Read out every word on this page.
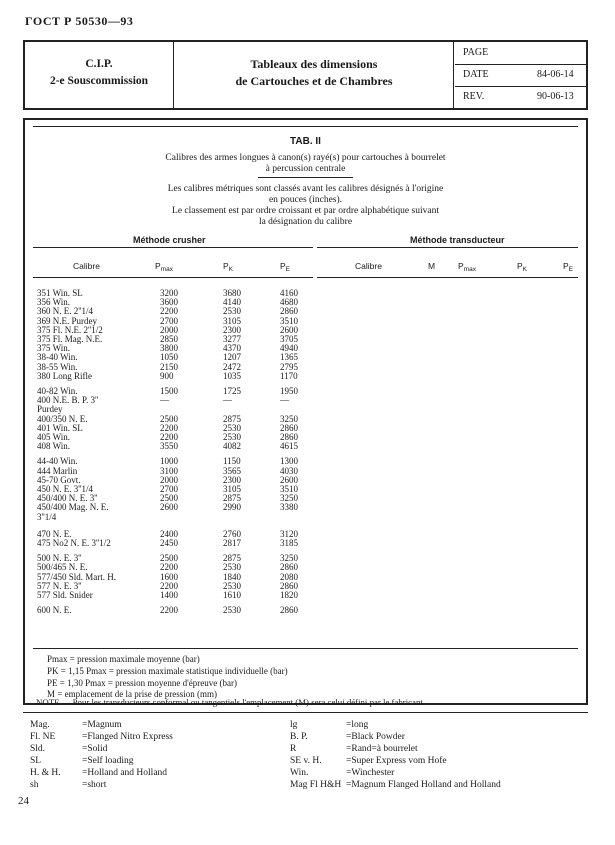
ГОСТ Р 50530—93
C.I.P.
2-e Souscommission
Tableaux des dimensions
de Cartouches et de Chambres
PAGE
DATE	84-06-14
REV.	90-06-13
TAB. II
Calibres des armes longues à canon(s) rayé(s) pour cartouches à bourrelet
à percussion centrale
Les calibres métriques sont classés avant les calibres désignés à l'origine
en pouces (inches).
Le classement est par ordre croissant et par ordre alphabétique suivant
la désignation du calibre
Méthode crusher	Méthode transducteur
Calibre	$P_{max}$	$P_K$	$P_E$	Calibre	M	$P_{max}$	$P_K$	$P_E$
351 Win. SL	3200	3680	4160
356 Win.	3600	4140	4680
360 N. E. 2''1/4	2200	2530	2860
369 N.E. Purdey	2700	3105	3510
375 Fl. N.E. 2''1/2	2000	2300	2600
375 Fl. Mag. N.E.	2850	3277	3705
375 Win.	3800	4370	4940
38-40 Win.	1050	1207	1365
38-55 Win.	2150	2472	2795
380 Long Rifle	900	1035	1170
40-82 Win.	1500	1725	1950
400 N.E. B. P. 3''	—	—	—
Purdey
400/350 N. E.	2500	2875	3250
401 Win. SL	2200	2530	2860
405 Win.	2200	2530	2860
408 Win.	3550	4082	4615
44-40 Win.	1000	1150	1300
444 Marlin	3100	3565	4030
45-70 Govt.	2000	2300	2600
450 N. E. 3''1/4	2700	3105	3510
450/400 N. E. 3''	2500	2875	3250
450/400 Mag. N. E.	2600	2990	3380
3''1/4
470 N. E.	2400	2760	3120
475 No2 N. E. 3''1/2	2450	2817	3185
500 N. E. 3''	2500	2875	3250
500/465 N. E.	2200	2530	2860
577/450 Sld. Mart. H.	1600	1840	2080
577 N. E. 3''	2200	2530	2860
577 Sld. Snider	1400	1610	1820
600 N. E.	2200	2530	2860
Pmax = pression maximale moyenne (bar)
PK = 1,15 Pmax = pression maximale statistique individuelle (bar)
PE = 1,30 Pmax = pression moyenne d'épreuve (bar)
M = emplacement de la prise de pression (mm)
NOTE — Pour les transducteurs conformal ou tangentiels l'emplacement (M) sera celui défini par le fabricant.
Mag.	=Magnum
Fl. NE	=Flanged Nitro Express
Sld.	=Solid
SL	=Self loading
H. & H. =Holland and Holland
sh	=short
lg	=long
B. P.	=Black Powder
R	=Rand=à bourrelet
SE v. H.	=Super Express vom Hofe
Win.	=Winchester
Mag Fl H&H =Magnum Flanged Holland and Holland
24
